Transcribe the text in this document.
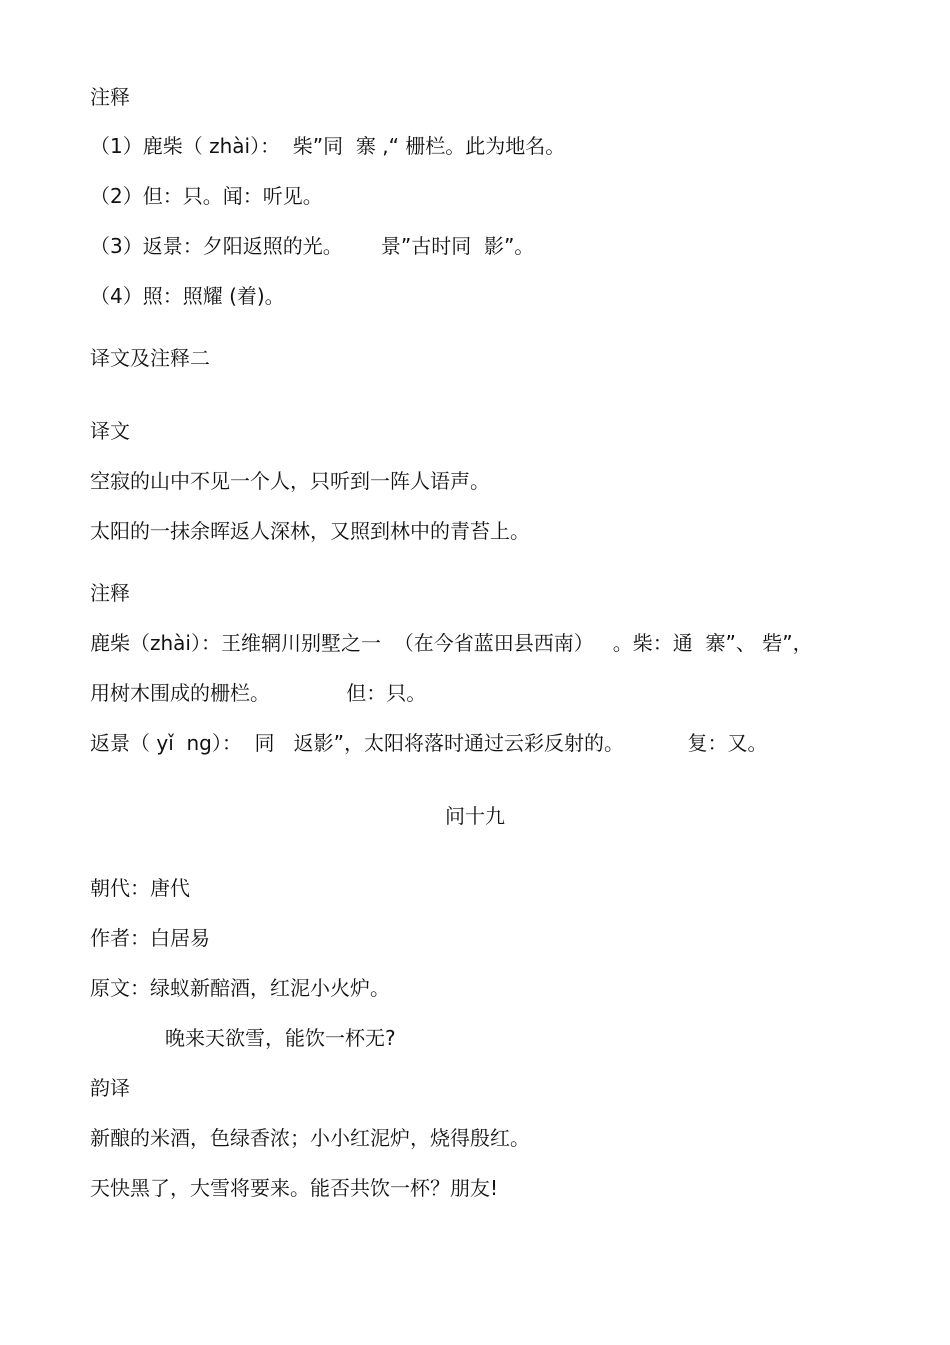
注释
（1）鹿柴（ zhài）：  柴”同  寨 ,“ 栅栏。此为地名。
（2）但：只。闻：听见。
（3）返景：夕阳返照的光。      景”古时同  影”。
（4）照：照耀 (着)。
译文及注释二
译文
空寂的山中不见一个人，只听到一阵人语声。
太阳的一抹余晖返人深林，又照到林中的青苔上。
注释
鹿柴（zhài）：王维辋川别墅之一  （在今省蓝田县西南）   。柴：通  寨”、 砦”，
用树木围成的栅栏。            但：只。
返景（ yǐ  ng）：  同   返影”，太阳将落时通过云彩反射的。          复：又。
问十九
朝代：唐代
作者：白居易
原文：绿蚁新醅酒，红泥小火炉。
晚来天欲雪，能饮一杯无?
韵译
新酿的米酒，色绿香浓；小小红泥炉，烧得殷红。
天快黑了，大雪将要来。能否共饮一杯？朋友!
